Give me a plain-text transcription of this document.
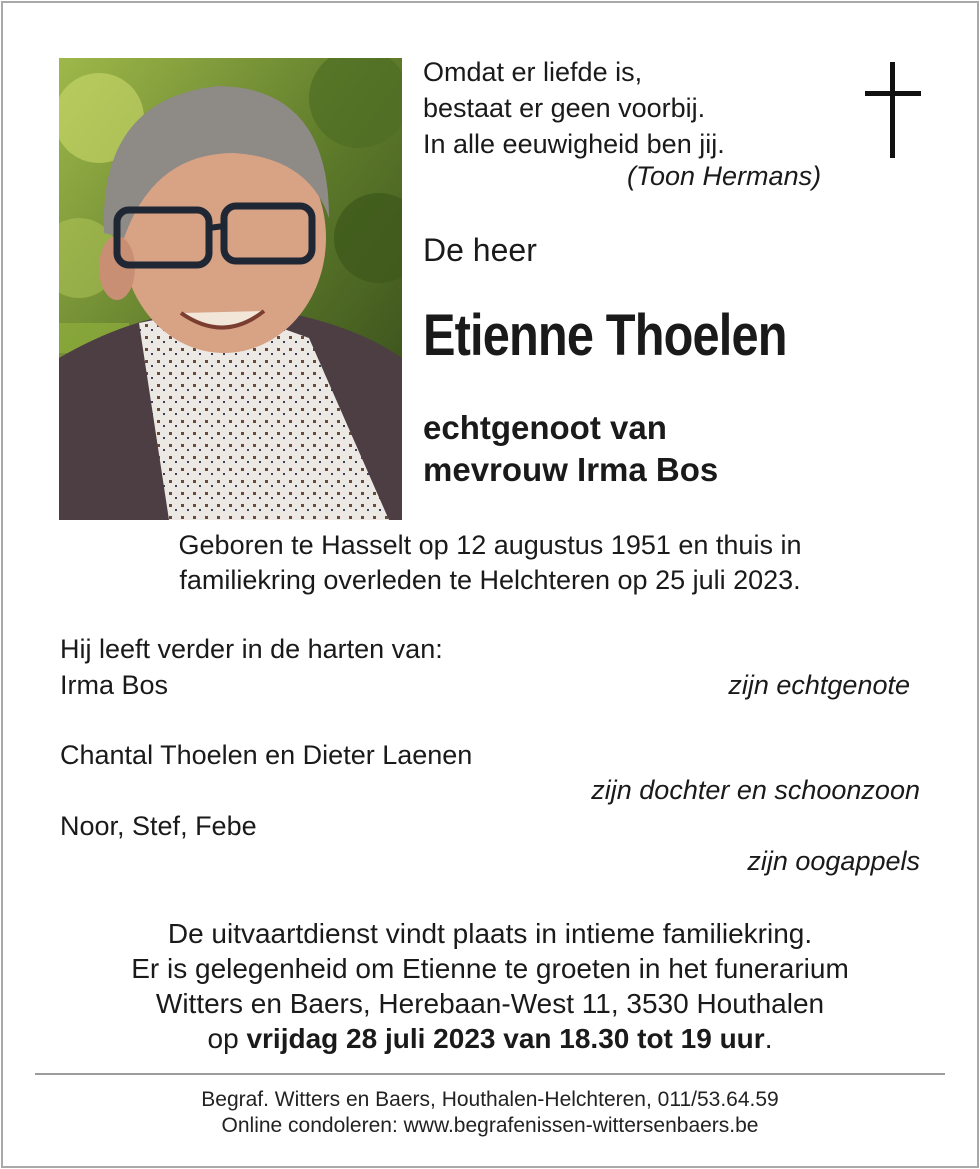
Omdat er liefde is,
bestaat er geen voorbij.
In alle eeuwigheid ben jij.
(Toon Hermans)
De heer
Etienne Thoelen
echtgenoot van
mevrouw Irma Bos
Geboren te Hasselt op 12 augustus 1951 en thuis in
familiekring overleden te Helchteren op 25 juli 2023.
Hij leeft verder in de harten van:
Irma Bos	zijn echtgenote
Chantal Thoelen en Dieter Laenen
zijn dochter en schoonzoon
Noor, Stef, Febe
zijn oogappels
De uitvaartdienst vindt plaats in intieme familiekring.
Er is gelegenheid om Etienne te groeten in het funerarium
Witters en Baers, Herebaan-West 11, 3530 Houthalen
op vrijdag 28 juli 2023 van 18.30 tot 19 uur.
Begraf. Witters en Baers, Houthalen-Helchteren, 011/53.64.59
Online condoleren: www.begrafenissen-wittersenbaers.be
